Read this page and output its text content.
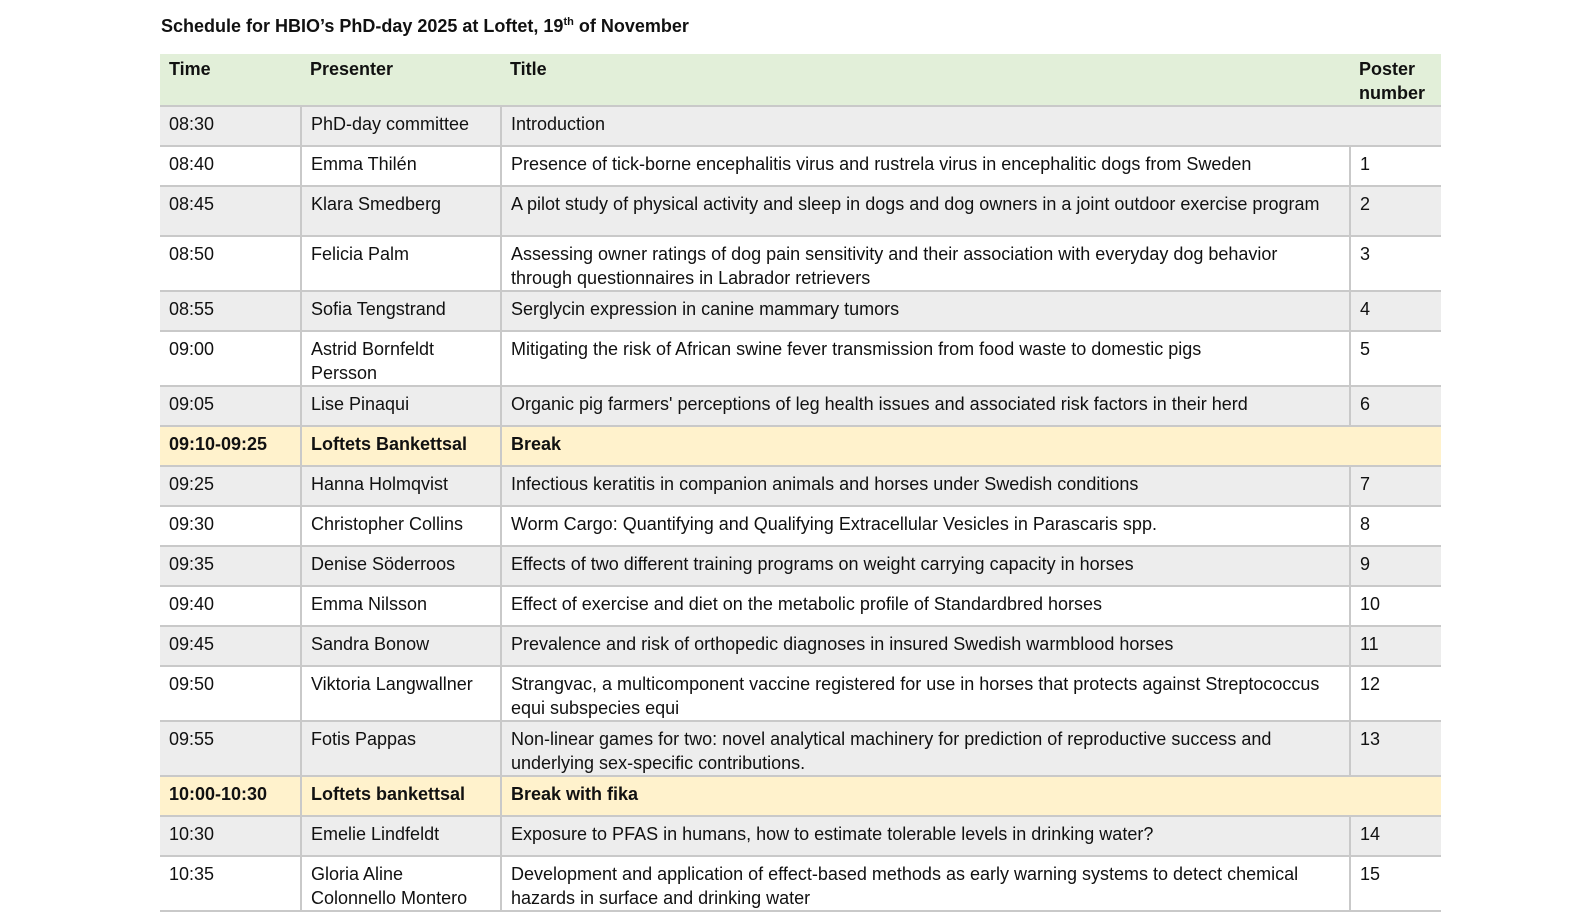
Schedule for HBIO’s PhD-day 2025 at Loftet, 19th of November
Time	Presenter	Title	Poster number
08:30	PhD-day committee	Introduction	
08:40	Emma Thilén	Presence of tick-borne encephalitis virus and rustrela virus in encephalitic dogs from Sweden	1
08:45	Klara Smedberg	A pilot study of physical activity and sleep in dogs and dog owners in a joint outdoor exercise program	2
08:50	Felicia Palm	Assessing owner ratings of dog pain sensitivity and their association with everyday dog behavior through questionnaires in Labrador retrievers	3
08:55	Sofia Tengstrand	Serglycin expression in canine mammary tumors	4
09:00	Astrid Bornfeldt Persson	Mitigating the risk of African swine fever transmission from food waste to domestic pigs	5
09:05	Lise Pinaqui	Organic pig farmers' perceptions of leg health issues and associated risk factors in their herd	6
09:10-09:25	Loftets Bankettsal	Break	
09:25	Hanna Holmqvist	Infectious keratitis in companion animals and horses under Swedish conditions	7
09:30	Christopher Collins	Worm Cargo: Quantifying and Qualifying Extracellular Vesicles in Parascaris spp.	8
09:35	Denise Söderroos	Effects of two different training programs on weight carrying capacity in horses	9
09:40	Emma Nilsson	Effect of exercise and diet on the metabolic profile of Standardbred horses	10
09:45	Sandra Bonow	Prevalence and risk of orthopedic diagnoses in insured Swedish warmblood horses	11
09:50	Viktoria Langwallner	Strangvac, a multicomponent vaccine registered for use in horses that protects against Streptococcus equi subspecies equi	12
09:55	Fotis Pappas	Non-linear games for two: novel analytical machinery for prediction of reproductive success and underlying sex-specific contributions.	13
10:00-10:30	Loftets bankettsal	Break with fika	
10:30	Emelie Lindfeldt	Exposure to PFAS in humans, how to estimate tolerable levels in drinking water?	14
10:35	Gloria Aline Colonnello Montero	Development and application of effect-based methods as early warning systems to detect chemical hazards in surface and drinking water	15
